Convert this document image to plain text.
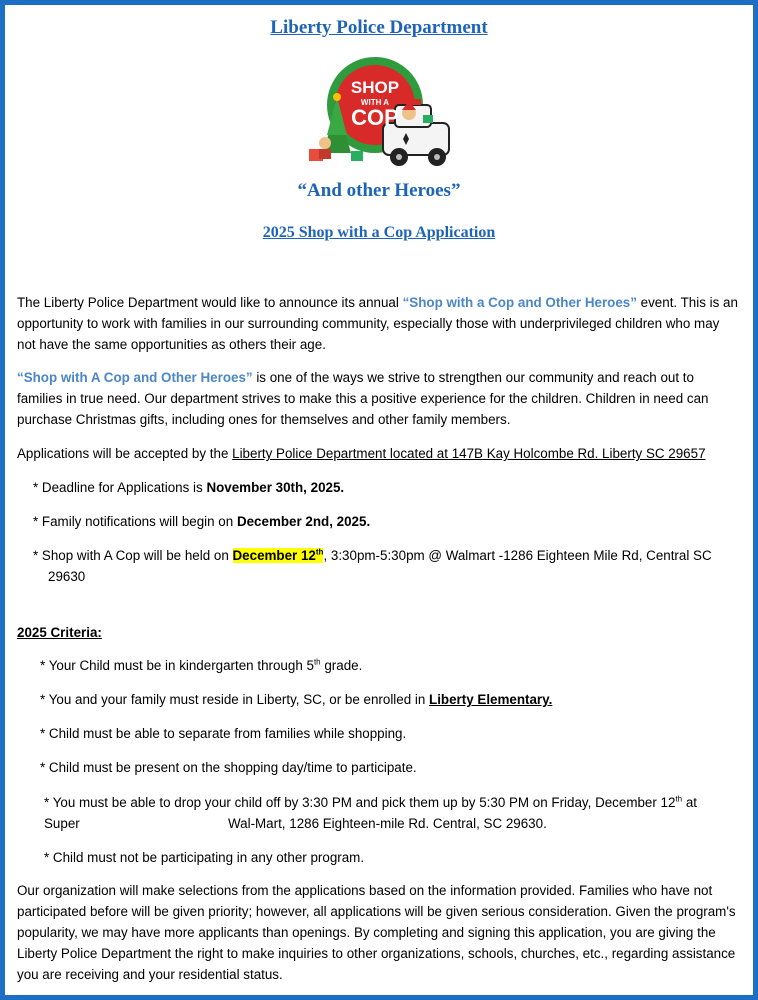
Liberty Police Department
SHOP
WITH A
COP
“And other Heroes”
2025 Shop with a Cop Application
The Liberty Police Department would like to announce its annual “Shop with a Cop and Other Heroes” event. This is an opportunity to work with families in our surrounding community, especially those with underprivileged children who may not have the same opportunities as others their age.
“Shop with A Cop and Other Heroes” is one of the ways we strive to strengthen our community and reach out to families in true need. Our department strives to make this a positive experience for the children. Children in need can purchase Christmas gifts, including ones for themselves and other family members.
Applications will be accepted by the Liberty Police Department located at 147B Kay Holcombe Rd. Liberty SC 29657
* Deadline for Applications is November 30th, 2025.
* Family notifications will begin on December 2nd, 2025.
* Shop with A Cop will be held on December 12th, 3:30pm-5:30pm @ Walmart -1286 Eighteen Mile Rd, Central SC
29630
2025 Criteria:
* Your Child must be in kindergarten through 5th grade.
* You and your family must reside in Liberty, SC, or be enrolled in Liberty Elementary.
* Child must be able to separate from families while shopping.
* Child must be present on the shopping day/time to participate.
* You must be able to drop your child off by 3:30 PM and pick them up by 5:30 PM on Friday, December 12th at
Super	Wal-Mart, 1286 Eighteen-mile Rd. Central, SC 29630.
* Child must not be participating in any other program.
Our organization will make selections from the applications based on the information provided. Families who have not participated before will be given priority; however, all applications will be given serious consideration. Given the program's popularity, we may have more applicants than openings. By completing and signing this application, you are giving the Liberty Police Department the right to make inquiries to other organizations, schools, churches, etc., regarding assistance you are receiving and your residential status.
